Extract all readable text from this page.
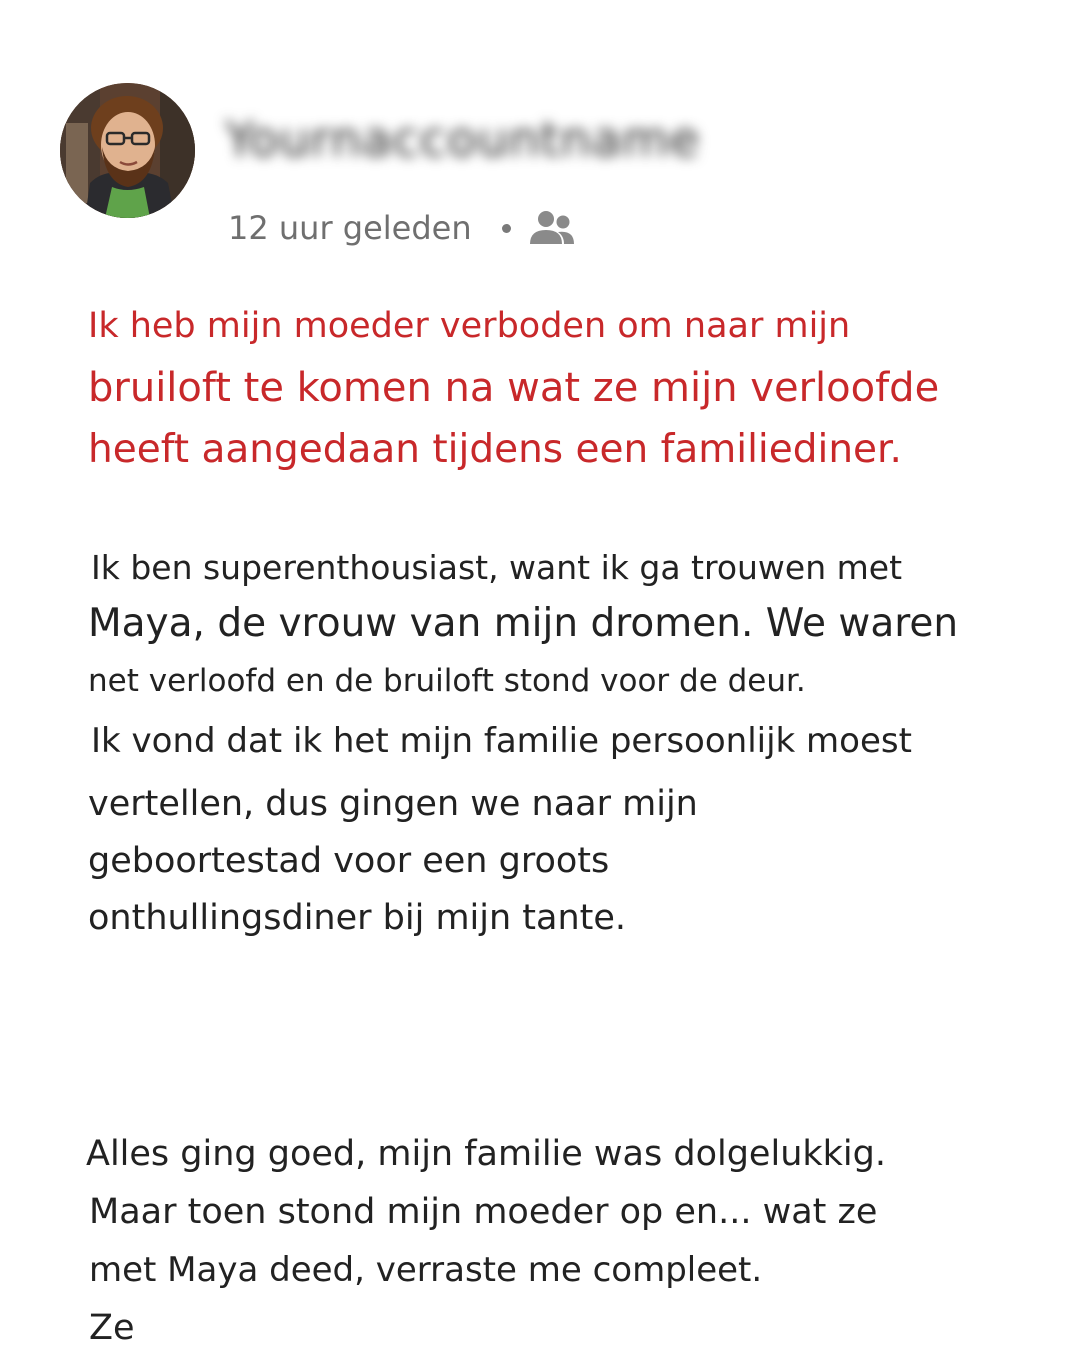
Yournaccountname
12 uur geleden
Ik heb mijn moeder verboden om naar mijn
bruiloft te komen na wat ze mijn verloofde
heeft aangedaan tijdens een familiediner.
Ik ben superenthousiast, want ik ga trouwen met
Maya, de vrouw van mijn dromen. We waren
net verloofd en de bruiloft stond voor de deur.
Ik vond dat ik het mijn familie persoonlijk moest
vertellen, dus gingen we naar mijn
geboortestad voor een groots
onthullingsdiner bij mijn tante.
Alles ging goed, mijn familie was dolgelukkig.
Maar toen stond mijn moeder op en... wat ze
met Maya deed, verraste me compleet.
Ze
